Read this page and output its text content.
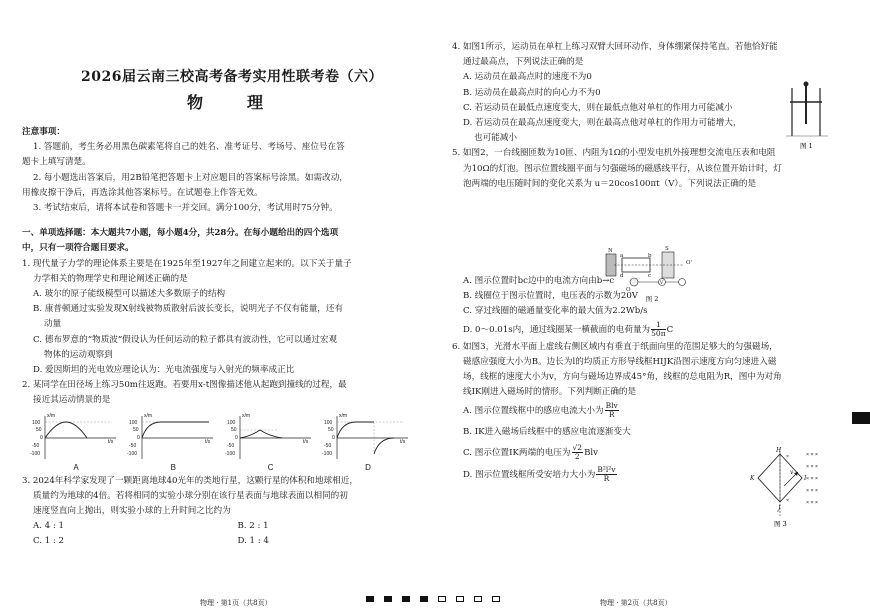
2026届云南三校高考备考实用性联考卷（六）
物　理
注意事项：
1. 答题前，考生务必用黑色碳素笔将自己的姓名、准考证号、考场号、座位号在答
题卡上填写清楚。
2. 每小题选出答案后，用2B铅笔把答题卡上对应题目的答案标号涂黑。如需改动，
用橡皮擦干净后，再选涂其他答案标号。在试题卷上作答无效。
3. 考试结束后，请将本试卷和答题卡一并交回。满分100分，考试用时75分钟。
一、单项选择题：本大题共7小题，每小题4分，共28分。在每小题给出的四个选项
中，只有一项符合题目要求。
1. 现代量子力学的理论体系主要是在1925年至1927年之间建立起来的。以下关于量子
力学相关的物理学史和理论阐述正确的是
A. 玻尔的原子能级模型可以描述大多数原子的结构
B. 康普顿通过实验发现X射线被物质散射后波长变长，说明光子不仅有能量，还有
动量
C. 德布罗意的“物质波”假设认为任何运动的粒子都具有波动性，它可以通过宏观
物体的运动观察到
D. 爱因斯坦的光电效应理论认为：光电流强度与入射光的频率成正比
2. 某同学在田径场上练习50m往返跑。若要用x-t图像描述他从起跑到撞线的过程，最
接近其运动情景的是
100
50
0
-50
-100
x/m
t/s
A
100
50
0
-50
-100
x/m
t/s
B
100
50
0
-50
-100
x/m
t/s
C
100
50
0
-50
-100
x/m
t/s
D
3. 2024年科学家发现了一颗距离地球40光年的类地行星，这颗行星的体积和地球相近，
质量约为地球的4倍。若将相同的实验小球分别在该行星表面与地球表面以相同的初
速度竖直向上抛出，则实验小球的上升时间之比约为
A. 4 : 1	B. 2 : 1
C. 1 : 2	D. 1 : 4
4. 如图1所示，运动员在单杠上练习双臂大回环动作，身体绷紧保持笔直。若他恰好能
通过最高点，下列说法正确的是
A. 运动员在最高点时的速度不为0
B. 运动员在最高点时的向心力不为0
C. 若运动员在最低点速度变大，则在最低点他对单杠的作用力可能减小
D. 若运动员在最高点速度变大，则在最高点他对单杠的作用力可能增大，
也可能减小
5. 如图2，一台线圈匝数为10匝、内阻为1Ω的小型发电机外接理想交流电压表和电阻
为10Ω的灯泡。图示位置线圈平面与匀强磁场的磁感线平行，从该位置开始计时，灯
泡两端的电压随时间的变化关系为 u＝20cos100πt（V）。下列说法正确的是
A. 图示位置时bc边中的电流方向由b→c
B. 线圈位于图示位置时，电压表的示数为20V
C. 穿过线圈的磁通量变化率的最大值为2.2Wb/s
D. 0～0.01s内，通过线圈某一横截面的电荷量为 $\frac{1}{50\pi}$ C
6. 如图3，光滑水平面上虚线右侧区域内有垂直于纸面向里的范围足够大的匀强磁场，
磁感应强度大小为B。边长为l的均质正方形导线框HIJK沿图示速度方向匀速进入磁
场，线框的速度大小为v，方向与磁场边界成45°角，线框的总电阻为R，图中为对角
线IK刚进入磁场时的情形。下列判断正确的是
A. 图示位置线框中的感应电流大小为 $\frac{\text{Blv}}{R}$
B. IK进入磁场后线框中的感应电流逐渐变大
C. 图示位置IK两端的电压为 $\frac{√2}{2}$ Blv
D. 图示位置线框所受安培力大小为 $\frac{\text{B²l²v}}{R}$
图 1
N	S
a	b
c
d
O
O'
V
图 2
× × ×
× × ×
× × ×
× × ×
× × ×
×
×
H
I
J
K
v
图 3
物理 · 第1页（共8页）	物理 · 第2页（共8页）
